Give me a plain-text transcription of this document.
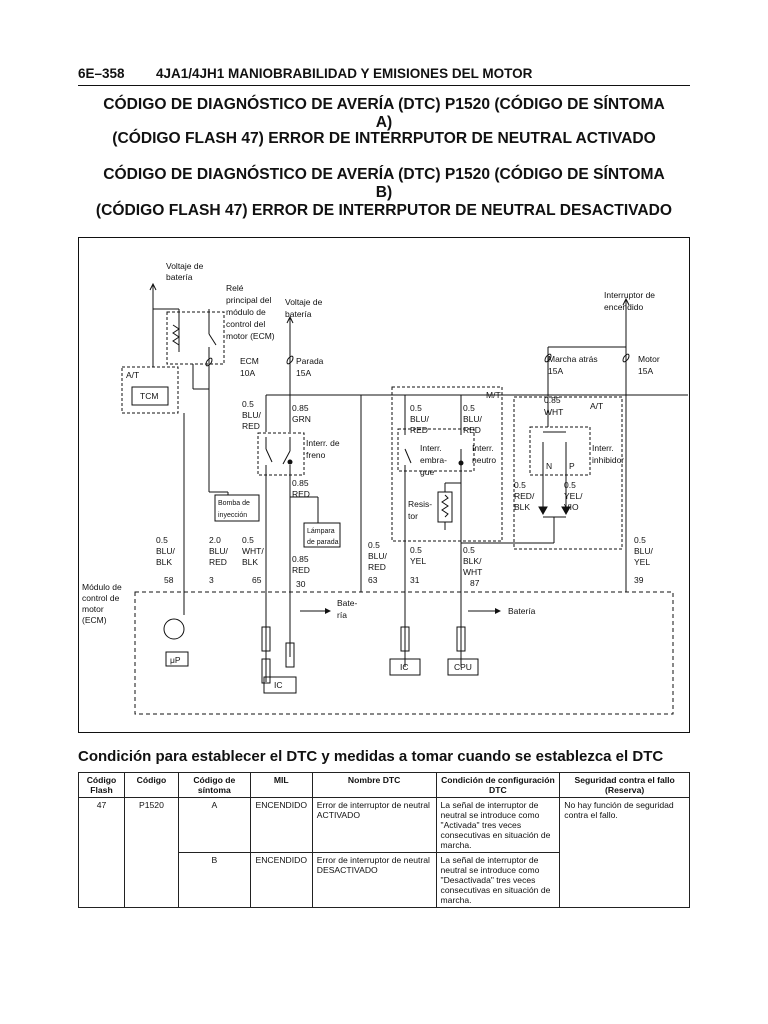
6E–358 4JA1/4JH1 MANIOBRABILIDAD Y EMISIONES DEL MOTOR
CÓDIGO DE DIAGNÓSTICO DE AVERÍA (DTC) P1520 (CÓDIGO DE SÍNTOMA
A)
(CÓDIGO FLASH 47) ERROR DE INTERRPUTOR DE NEUTRAL ACTIVADO
CÓDIGO DE DIAGNÓSTICO DE AVERÍA (DTC) P1520 (CÓDIGO DE SÍNTOMA
B)
(CÓDIGO FLASH 47) ERROR DE INTERRPUTOR DE NEUTRAL DESACTIVADO
Voltaje de
batería
Relé
principal del
módulo de
control del
motor (ECM)
Voltaje de
batería
Interruptor de
encendido
ECM
10A
Parada
15A
Marcha atrás
15A
Motor
15A
A/T
TCM	M/T
A/T
0.5
BLU/
RED
0.85
GRN
Interr. de
freno
0.85
RED
0.5
BLU/
RED
0.5
BLU/
RED
Interr.
embra-
gue
Interr.
neutro
0.85
WHT
Interr.
inhibidor
N P
Resis-
tor
0.5
RED/
BLK
0.5
YEL/
VIO
Bomba de
inyección
Lámpara
de parada
0.5
BLU/
BLK
2.0
BLU/
RED
0.5
WHT/
BLK	0.85
RED
0.5
BLU/
RED
0.5
YEL
0.5
BLK/
WHT
0.5
BLU/
YEL
58	3	65	30	63	31	87	39
Módulo de
control de
motor
(ECM)
Bate-
ría	Batería
μP
IC
IC	CPU
Condición para establecer el DTC y medidas a tomar cuando se establezca el DTC
Código Flash	Código	Código de síntoma	MIL	Nombre DTC	Condición de configuración DTC	Seguridad contra el fallo (Reserva)
47	P1520	A	ENCENDIDO	Error de interruptor de neutral ACTIVADO	La señal de interruptor de neutral se introduce como "Activada" tres veces consecutivas en situación de marcha.	No hay función de seguridad contra el fallo.
		B	ENCENDIDO	Error de interruptor de neutral DESACTIVADO	La señal de interruptor de neutral se introduce como "Desactivada" tres veces consecutivas en situación de marcha.	
